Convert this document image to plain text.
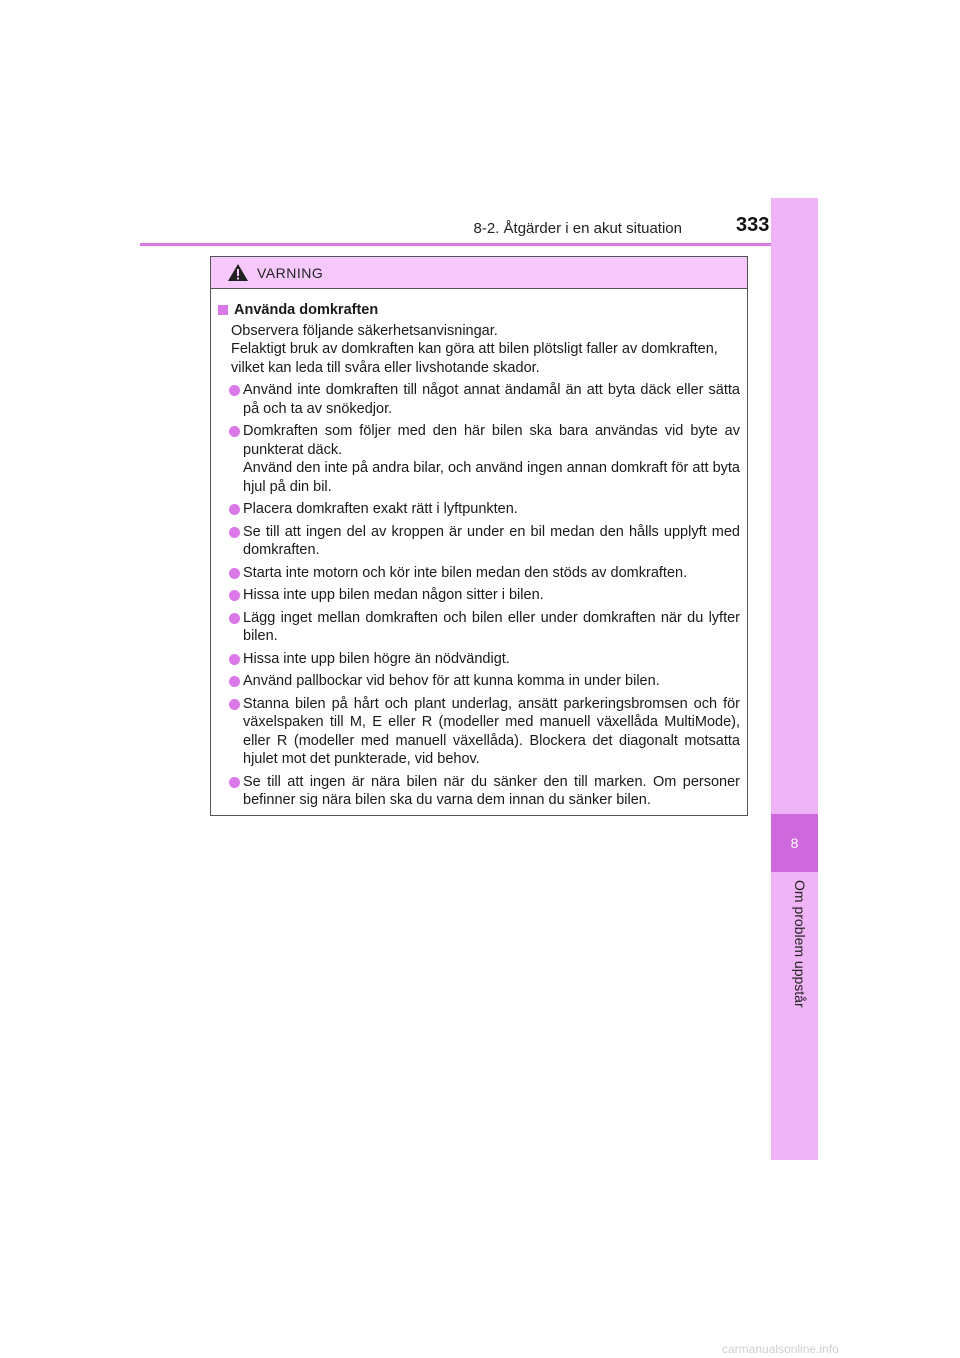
8-2. Åtgärder i en akut situation	333
8
Om problem uppstår
VARNING
Använda domkraften

Observera följande säkerhetsanvisningar.

Felaktigt bruk av domkraften kan göra att bilen plötsligt faller av domkraften, vilket kan leda till svåra eller livshotande skador.

Använd inte domkraften till något annat ändamål än att byta däck eller sätta på och ta av snökedjor.
Domkraften som följer med den här bilen ska bara användas vid byte av punkterat däck.
Använd den inte på andra bilar, och använd ingen annan domkraft för att byta hjul på din bil.
Placera domkraften exakt rätt i lyftpunkten.
Se till att ingen del av kroppen är under en bil medan den hålls upplyft med domkraften.
Starta inte motorn och kör inte bilen medan den stöds av domkraften.
Hissa inte upp bilen medan någon sitter i bilen.
Lägg inget mellan domkraften och bilen eller under domkraften när du lyfter bilen.
Hissa inte upp bilen högre än nödvändigt.
Använd pallbockar vid behov för att kunna komma in under bilen.
Stanna bilen på hårt och plant underlag, ansätt parkeringsbromsen och för växelspaken till M, E eller R (modeller med manuell växellåda MultiMode), eller R (modeller med manuell växellåda). Blockera det diagonalt motsatta hjulet mot det punkterade, vid behov.
Se till att ingen är nära bilen när du sänker den till marken. Om personer befinner sig nära bilen ska du varna dem innan du sänker bilen.
carmanualsonline.info
